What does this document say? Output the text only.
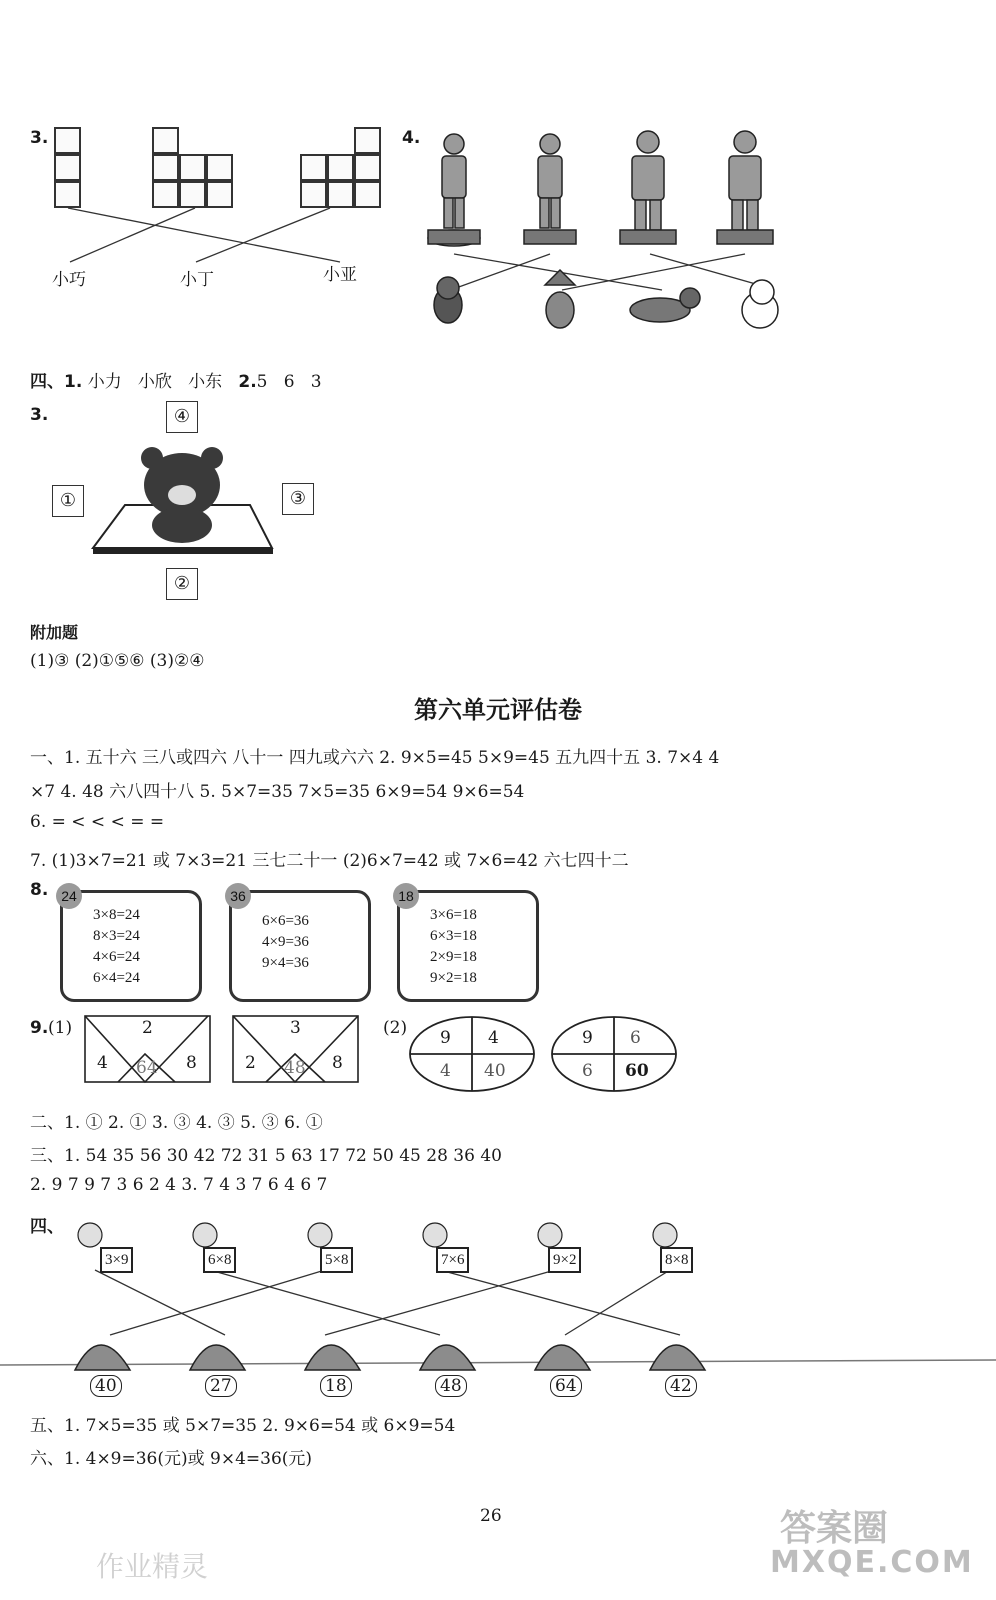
3.
小巧	小丁	小亚
4.
四、1. 小力 小欣 小东 2.5 6 3
3.	④
①	③
②
附加题
(1)③ (2)①⑤⑥ (3)②④
第六单元评估卷
一、1. 五十六 三八或四六 八十一 四九或六六 2. 9×5=45 5×9=45 五九四十五 3. 7×4 4
×7 4. 48 六八四十八 5. 5×7=35 7×5=35 6×9=54 9×6=54
6. = < < < = =
7. (1)3×7=21 或 7×3=21 三七二十一 (2)6×7=42 或 7×6=42 六七四十二
8.
3×8=24
8×3=24
4×6=24
6×4=24
24
6×6=36
4×9=36
9×4=36
36
3×6=18
6×3=18
2×9=18
9×2=18
18
9. (1)	(2)
2
4 64 8
3
2 48 8
9 4
4 40
9 6
6 60
二、1. ① 2. ① 3. ③ 4. ③ 5. ③ 6. ①
三、1. 54 35 56 30 42 72 31 5 63 17 72 50 45 28 36 40
2. 9 7 9 7 3 6 2 4 3. 7 4 3 7 6 4 6 7
四、
3×9	6×8	5×8	7×6	9×2	8×8
40	27	18	48	64	42
五、1. 7×5=35 或 5×7=35 2. 9×6=54 或 6×9=54
六、1. 4×9=36(元)或 9×4=36(元)
26	答案圈
MXQE.COM
作业精灵
